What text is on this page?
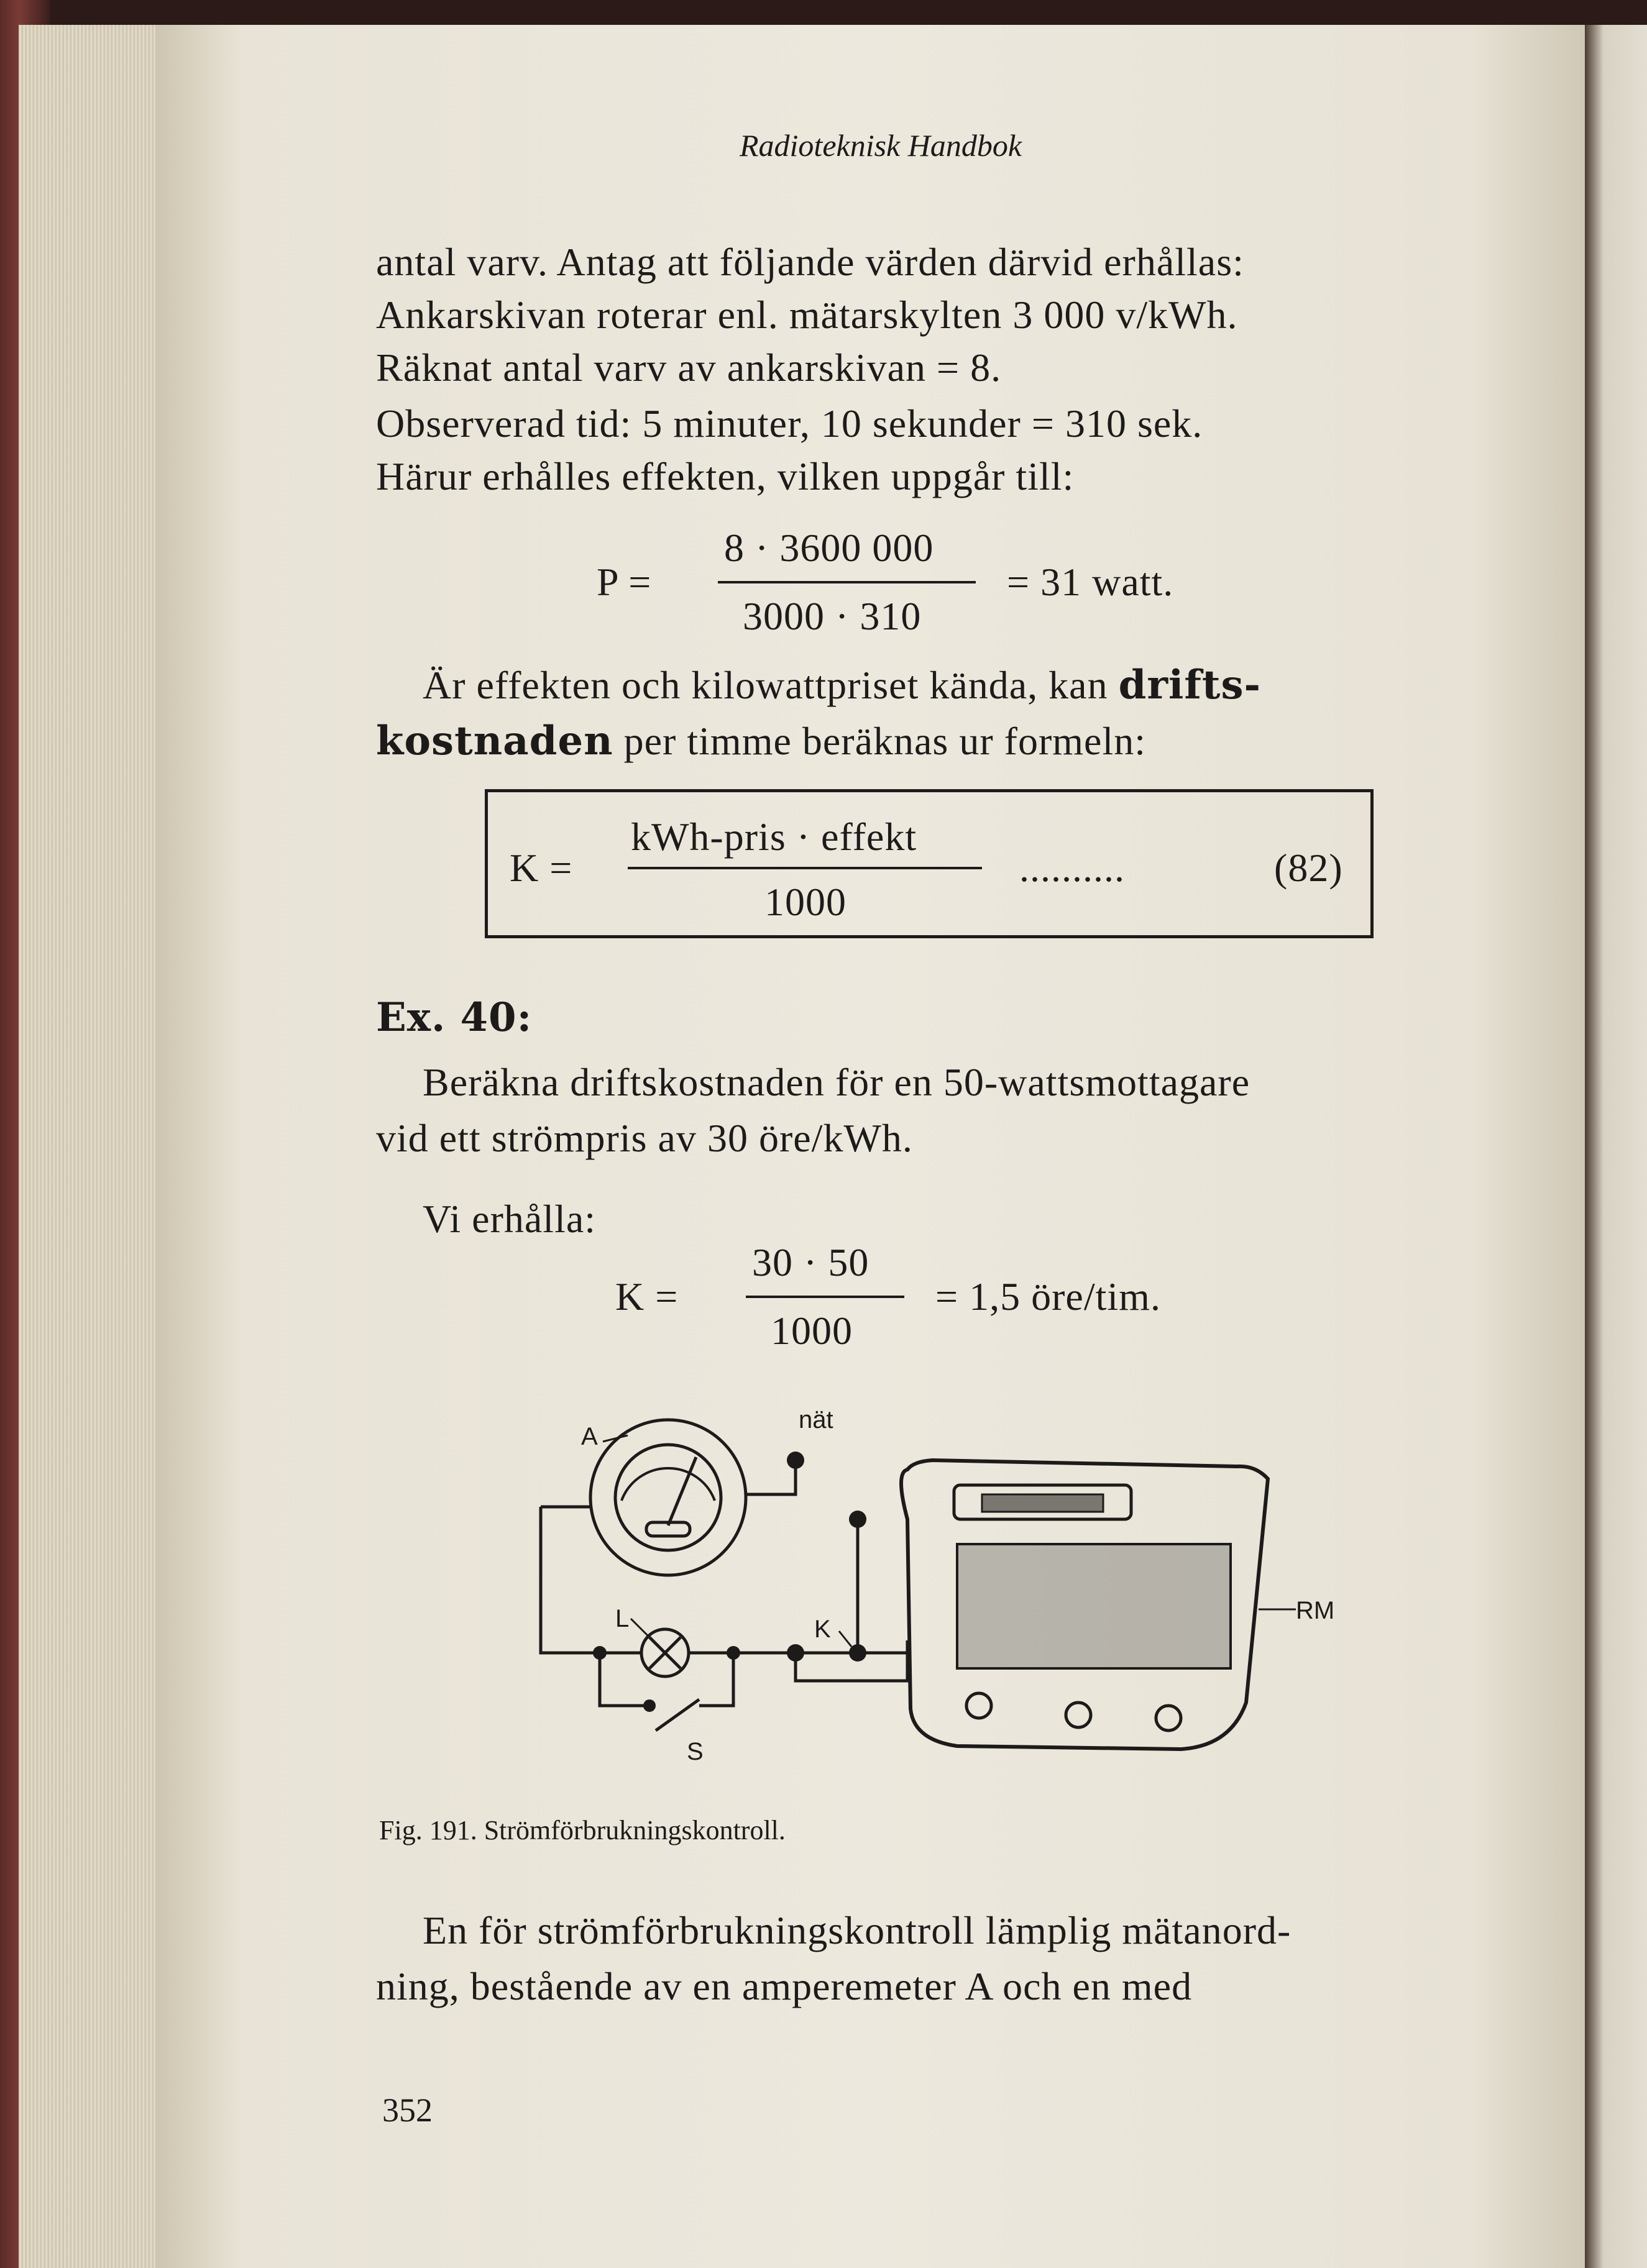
Radioteknisk Handbok
antal varv. Antag att följande värden därvid erhållas:
Ankarskivan roterar enl. mätarskylten 3 000 v/kWh.
Räknat antal varv av ankarskivan = 8.
Observerad tid: 5 minuter, 10 sekunder = 310 sek.
Härur erhålles effekten, vilken uppgår till:
P =
8 · 3600 000
3000 · 310
= 31 watt.
Är effekten och kilowattpriset kända, kan drifts-
kostnaden per timme beräknas ur formeln:
K =
kWh-pris · effekt
1000
..........	(82)
Ex. 40:
Beräkna driftskostnaden för en 50-wattsmottagare
vid ett strömpris av 30 öre/kWh.
Vi erhålla:
K =
30 · 50
1000
= 1,5 öre/tim.
A
nät
L
S
K
RM
Fig. 191. Strömförbrukningskontroll.
En för strömförbrukningskontroll lämplig mätanord-
ning, bestående av en amperemeter A och en med
352
